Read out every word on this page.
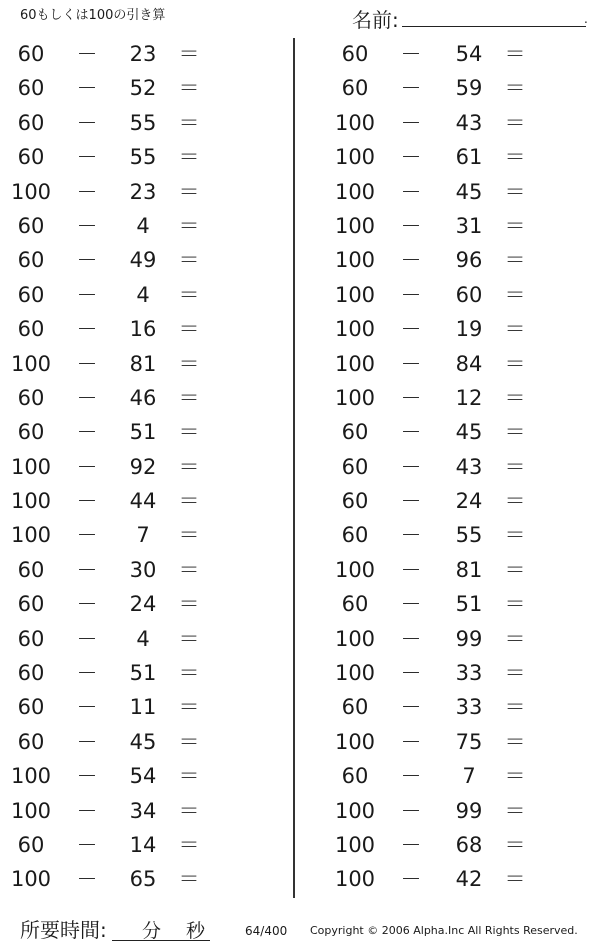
60もしくは100の引き算	名前:	.
60	－	23	＝
60	－	52	＝
60	－	55	＝
60	－	55	＝
100	－	23	＝
60	－	4	＝
60	－	49	＝
60	－	4	＝
60	－	16	＝
100	－	81	＝
60	－	46	＝
60	－	51	＝
100	－	92	＝
100	－	44	＝
100	－	7	＝
60	－	30	＝
60	－	24	＝
60	－	4	＝
60	－	51	＝
60	－	11	＝
60	－	45	＝
100	－	54	＝
100	－	34	＝
60	－	14	＝
100	－	65	＝
60	－	54	＝
60	－	59	＝
100	－	43	＝
100	－	61	＝
100	－	45	＝
100	－	31	＝
100	－	96	＝
100	－	60	＝
100	－	19	＝
100	－	84	＝
100	－	12	＝
60	－	45	＝
60	－	43	＝
60	－	24	＝
60	－	55	＝
100	－	81	＝
60	－	51	＝
100	－	99	＝
100	－	33	＝
60	－	33	＝
100	－	75	＝
60	－	7	＝
100	－	99	＝
100	－	68	＝
100	－	42	＝
所要時間: 分 秒	64/400 Copyright © 2006 Alpha.Inc All Rights Reserved.
